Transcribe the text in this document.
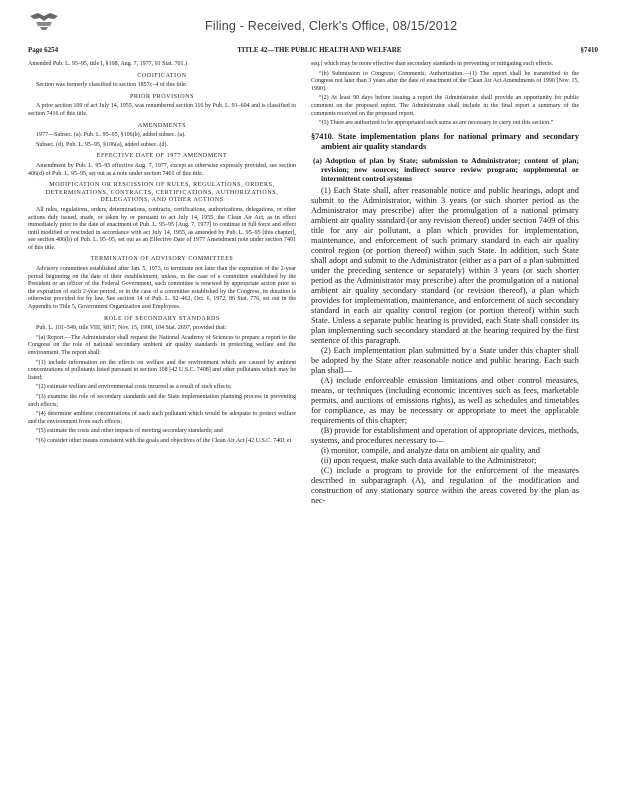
Filing - Received, Clerk's Office, 08/15/2012
Page 6254	TITLE 42—THE PUBLIC HEALTH AND WELFARE	§7410

Amended Pub. L. 95–95, title I, §108, Aug. 7, 1977, 91 Stat. 701.)

CODIFICATION

Section was formerly classified to section 1857c–4 of this title.

PRIOR PROVISIONS

A prior section 109 of act July 14, 1955, was renumbered section 116 by Pub. L. 91–604 and is classified to section 7416 of this title.

AMENDMENTS

1977—Subsec. (a). Pub. L. 95–95, §106(b), added subsec. (a).

Subsec. (d). Pub. L. 95–95, §106(a), added subsec. (d).

EFFECTIVE DATE OF 1977 AMENDMENT

Amendment by Pub. L. 95–95 effective Aug. 7, 1977, except as otherwise expressly provided, see section 406(d) of Pub. L. 95–95, set out as a note under section 7401 of this title.

MODIFICATION OR RESCISSION OF RULES, REGULATIONS, ORDERS, DETERMINATIONS, CONTRACTS, CERTIFICATIONS, AUTHORIZATIONS, DELEGATIONS, AND OTHER ACTIONS

All rules, regulations, orders, determinations, contracts, certifications, authorizations, delegations, or other actions duly issued, made, or taken by or pursuant to act July 14, 1955, the Clean Air Act, as in effect immediately prior to the date of enactment of Pub. L. 95–95 [Aug. 7, 1977] to continue in full force and effect until modified or rescinded in accordance with act July 14, 1955, as amended by Pub. L. 95–95 [this chapter], see section 406(b) of Pub. L. 95–95, set out as an Effective Date of 1977 Amendment note under section 7401 of this title.

TERMINATION OF ADVISORY COMMITTEES

Advisory committees established after Jan. 5, 1973, to terminate not later than the expiration of the 2-year period beginning on the date of their establishment, unless, in the case of a committee established by the President or an officer of the Federal Government, such committee is renewed by appropriate action prior to the expiration of such 2-year period, or in the case of a committee established by the Congress, its duration is otherwise provided for by law. See section 14 of Pub. L. 92–463, Oct. 6, 1972, 86 Stat. 776, set out in the Appendix to Title 5, Government Organization and Employees.

ROLE OF SECONDARY STANDARDS

Pub. L. 101–549, title VIII, §817, Nov. 15, 1990, 104 Stat. 2697, provided that:

“(a) Report.—The Administrator shall request the National Academy of Sciences to prepare a report to the Congress on the role of national secondary ambient air quality standards in protecting welfare and the environment. The report shall:

“(1) include information on the effects on welfare and the environment which are caused by ambient concentrations of pollutants listed pursuant to section 108 [42 U.S.C. 7408] and other pollutants which may be listed;

“(2) estimate welfare and environmental costs incurred as a result of such effects;

“(3) examine the role of secondary standards and the State implementation planning process in preventing such effects;

“(4) determine ambient concentrations of each such pollutant which would be adequate to protect welfare and the environment from such effects;

“(5) estimate the costs and other impacts of meeting secondary standards; and

“(6) consider other means consistent with the goals and objectives of the Clean Air Act [42 U.S.C. 7401 et

seq.] which may be more effective than secondary standards in preventing or mitigating such effects.

“(b) Submission to Congress; Comments; Authorization.—(1) The report shall be transmitted to the Congress not later than 3 years after the date of enactment of the Clean Air Act Amendments of 1990 [Nov. 15, 1990].

“(2) At least 90 days before issuing a report the Administrator shall provide an opportunity for public comment on the proposed report. The Administrator shall include in the final report a summary of the comments received on the proposed report.

“(3) There are authorized to be appropriated such sums as are necessary to carry out this section.”

§7410. State implementation plans for national primary and secondary ambient air quality standards
(a) Adoption of plan by State; submission to Administrator; content of plan; revision; new sources; indirect source review program; supplemental or intermittent control systems

(1) Each State shall, after reasonable notice and public hearings, adopt and submit to the Administrator, within 3 years (or such shorter period as the Administrator may prescribe) after the promulgation of a national primary ambient air quality standard (or any revision thereof) under section 7409 of this title for any air pollutant, a plan which provides for implementation, maintenance, and enforcement of such primary standard in each air quality control region (or portion thereof) within such State. In addition, such State shall adopt and submit to the Administrator (either as a part of a plan submitted under the preceding sentence or separately) within 3 years (or such shorter period as the Administrator may prescribe) after the promulgation of a national ambient air quality secondary standard (or revision thereof), a plan which provides for implementation, maintenance, and enforcement of such secondary standard in each air quality control region (or portion thereof) within such State. Unless a separate public hearing is provided, each State shall consider its plan implementing such secondary standard at the hearing required by the first sentence of this paragraph.

(2) Each implementation plan submitted by a State under this chapter shall be adopted by the State after reasonable notice and public hearing. Each such plan shall—

(A) include enforceable emission limitations and other control measures, means, or techniques (including economic incentives such as fees, marketable permits, and auctions of emissions rights), as well as schedules and timetables for compliance, as may be necessary or appropriate to meet the applicable requirements of this chapter;

(B) provide for establishment and operation of appropriate devices, methods, systems, and procedures necessary to—

(i) monitor, compile, and analyze data on ambient air quality, and

(ii) upon request, make such data available to the Administrator;

(C) include a program to provide for the enforcement of the measures described in subparagraph (A), and regulation of the modification and construction of any stationary source within the areas covered by the plan as nec-
